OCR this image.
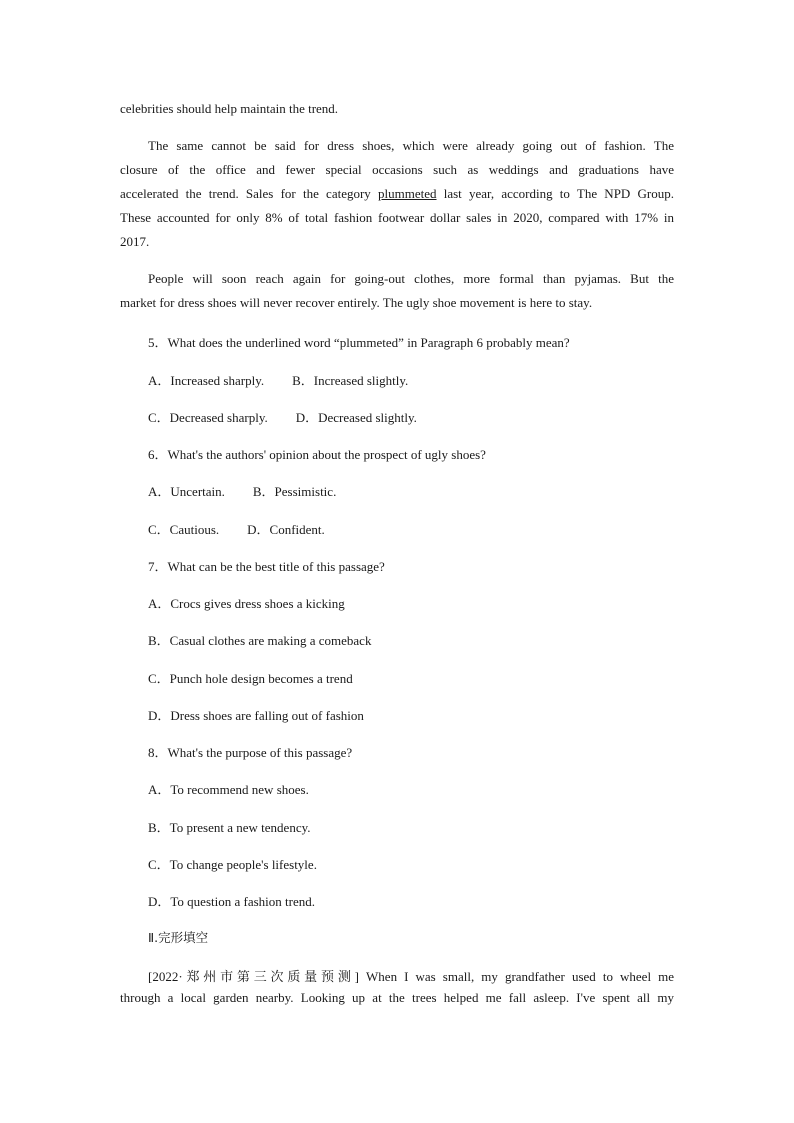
celebrities should help maintain the trend.
The same cannot be said for dress shoes, which were already going out of fashion. The
closure of the office and fewer special occasions such as weddings and graduations have
accelerated the trend. Sales for the category plummeted last year, according to The NPD Group.
These accounted for only 8% of total fashion footwear dollar sales in 2020, compared with 17% in
2017.
People will soon reach again for going-out clothes, more formal than pyjamas. But the
market for dress shoes will never recover entirely. The ugly shoe movement is here to stay.
5．What does the underlined word “plummeted” in Paragraph 6 probably mean?
A．Increased sharply. B．Increased slightly.
C．Decreased sharply. D．Decreased slightly.
6．What's the authors' opinion about the prospect of ugly shoes?
A．Uncertain. B．Pessimistic.
C．Cautious. D．Confident.
7．What can be the best title of this passage?
A．Crocs gives dress shoes a kicking
B．Casual clothes are making a comeback
C．Punch hole design becomes a trend
D．Dress shoes are falling out of fashion
8．What's the purpose of this passage?
A．To recommend new shoes.
B．To present a new tendency.
C．To change people's lifestyle.
D．To question a fashion trend.
Ⅱ.完形填空
[2022·郑州市第三次质量预测] When I was small, my grandfather used to wheel me
through a local garden nearby. Looking up at the trees helped me fall asleep. I've spent all my
